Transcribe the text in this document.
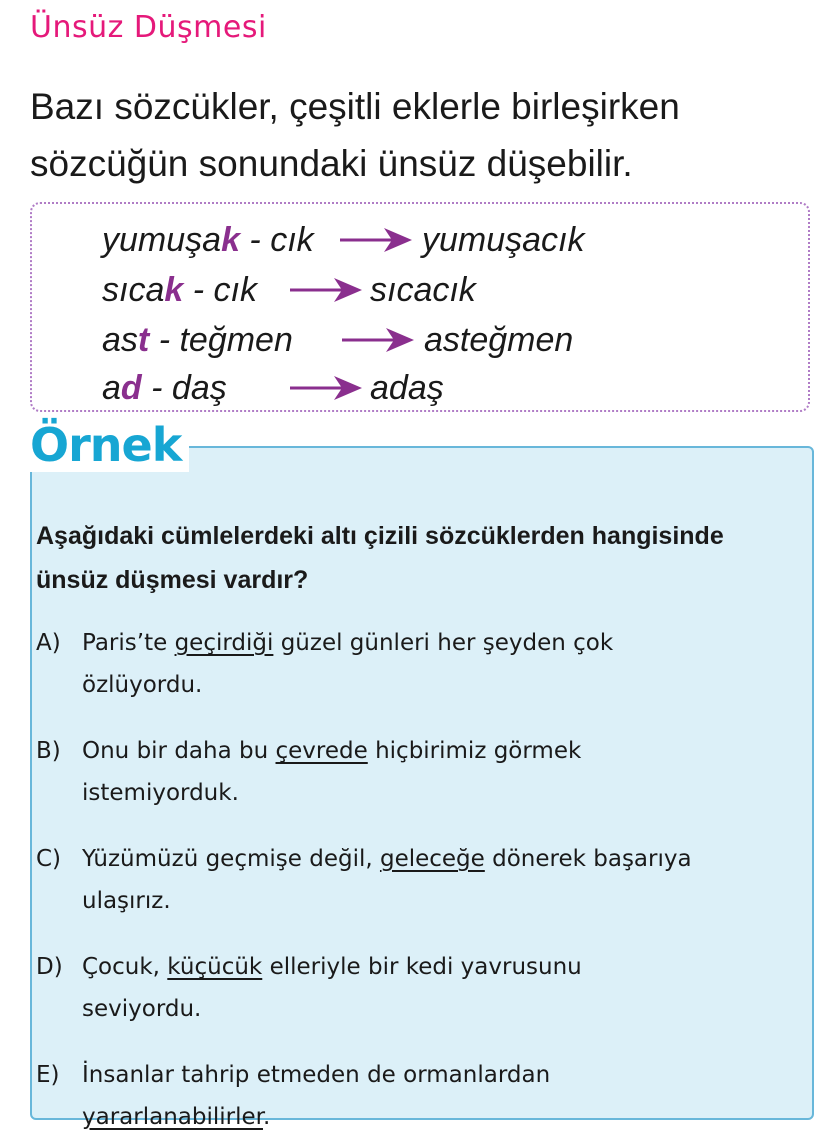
Ünsüz Düşmesi
Bazı sözcükler, çeşitli eklerle birleşirken
sözcüğün sonundaki ünsüz düşebilir.
yumuşak - cık	yumuşacık
sıcak - cık	sıcacık
ast - teğmen	asteğmen
ad - daş	adaş
Örnek
Aşağıdaki cümlelerdeki altı çizili sözcüklerden hangisinde
ünsüz düşmesi vardır?
A) Paris’te geçirdiği güzel günleri her şeyden çok
özlüyordu.
B) Onu bir daha bu çevrede hiçbirimiz görmek
istemiyorduk.
C) Yüzümüzü geçmişe değil, geleceğe dönerek başarıya
ulaşırız.
D) Çocuk, küçücük elleriyle bir kedi yavrusunu
seviyordu.
E) İnsanlar tahrip etmeden de ormanlardan
yararlanabilirler.
